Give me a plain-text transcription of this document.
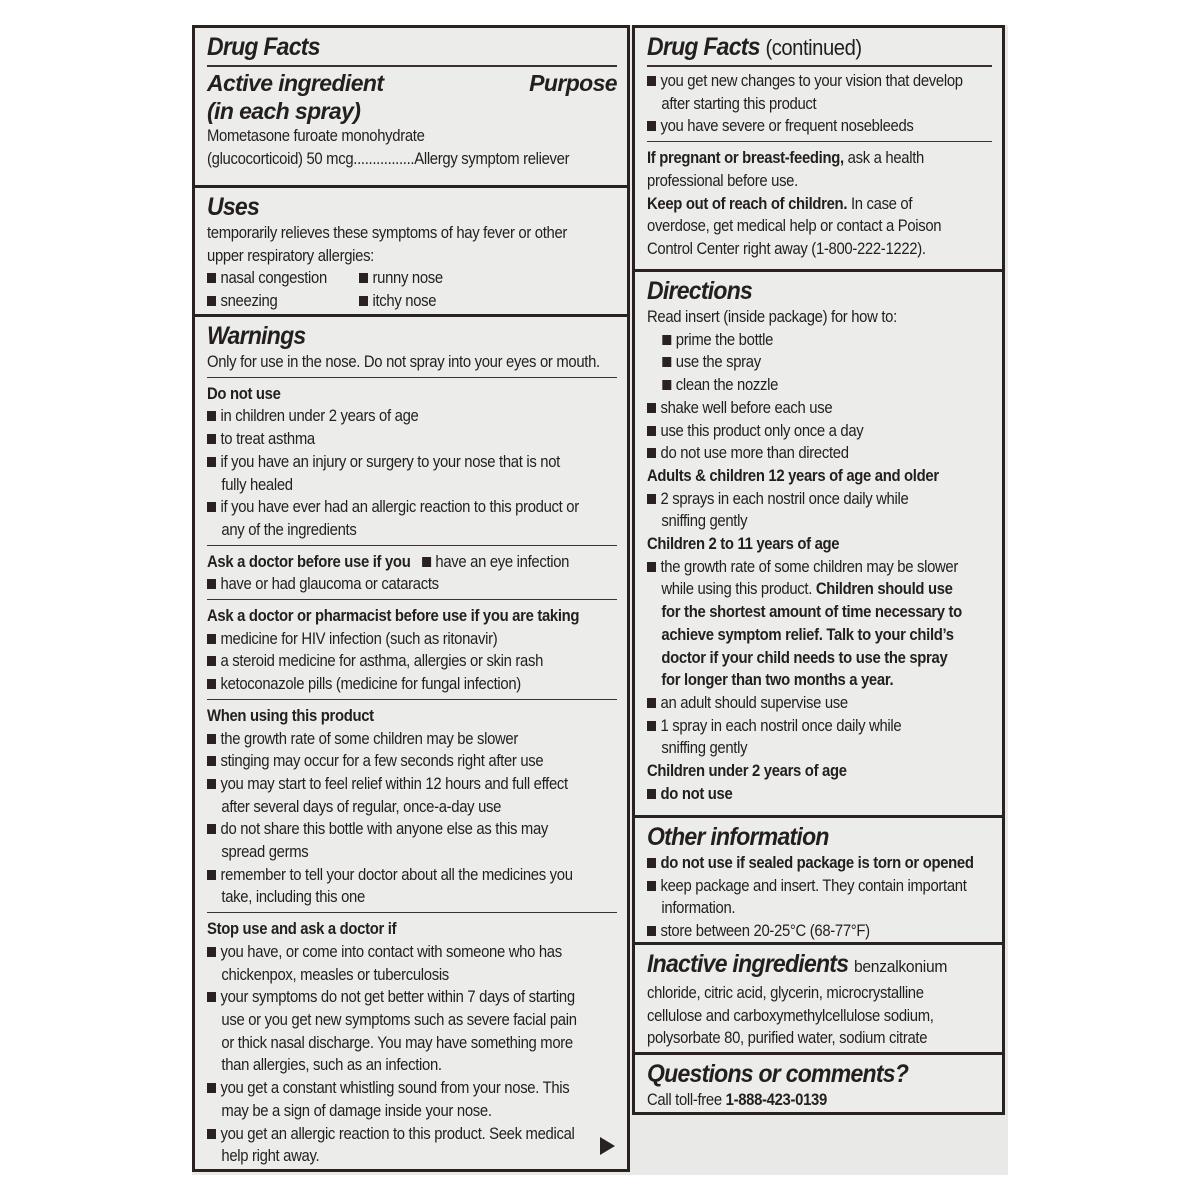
Drug Facts
Active ingredient	Purpose
(in each spray)
Mometasone furoate monohydrate
(glucocorticoid) 50 mcg................Allergy symptom reliever
Uses
temporarily relieves these symptoms of hay fever or other
upper respiratory allergies:
nasal congestion	runny nose
sneezing	itchy nose
Warnings
Only for use in the nose. Do not spray into your eyes or mouth.
Do not use
in children under 2 years of age
to treat asthma
if you have an injury or surgery to your nose that is not
fully healed
if you have ever had an allergic reaction to this product or
any of the ingredients
Ask a doctor before use if you have an eye infection
have or had glaucoma or cataracts
Ask a doctor or pharmacist before use if you are taking
medicine for HIV infection (such as ritonavir)
a steroid medicine for asthma, allergies or skin rash
ketoconazole pills (medicine for fungal infection)
When using this product
the growth rate of some children may be slower
stinging may occur for a few seconds right after use
you may start to feel relief within 12 hours and full effect
after several days of regular, once-a-day use
do not share this bottle with anyone else as this may
spread germs
remember to tell your doctor about all the medicines you
take, including this one
Stop use and ask a doctor if
you have, or come into contact with someone who has
chickenpox, measles or tuberculosis
your symptoms do not get better within 7 days of starting
use or you get new symptoms such as severe facial pain
or thick nasal discharge. You may have something more
than allergies, such as an infection.
you get a constant whistling sound from your nose. This
may be a sign of damage inside your nose.
you get an allergic reaction to this product. Seek medical
help right away.
Drug Facts (continued)
you get new changes to your vision that develop
after starting this product
you have severe or frequent nosebleeds
If pregnant or breast-feeding, ask a health
professional before use.
Keep out of reach of children. In case of
overdose, get medical help or contact a Poison
Control Center right away (1-800-222-1222).
Directions
Read insert (inside package) for how to:
prime the bottle
use the spray
clean the nozzle
shake well before each use
use this product only once a day
do not use more than directed
Adults & children 12 years of age and older
2 sprays in each nostril once daily while
sniffing gently
Children 2 to 11 years of age
the growth rate of some children may be slower
while using this product. Children should use
for the shortest amount of time necessary to
achieve symptom relief. Talk to your child’s
doctor if your child needs to use the spray
for longer than two months a year.
an adult should supervise use
1 spray in each nostril once daily while
sniffing gently
Children under 2 years of age
do not use
Other information
do not use if sealed package is torn or opened
keep package and insert. They contain important
information.
store between 20-25°C (68-77°F)
Inactive ingredients benzalkonium
chloride, citric acid, glycerin, microcrystalline
cellulose and carboxymethylcellulose sodium,
polysorbate 80, purified water, sodium citrate
Questions or comments?
Call toll-free 1-888-423-0139
